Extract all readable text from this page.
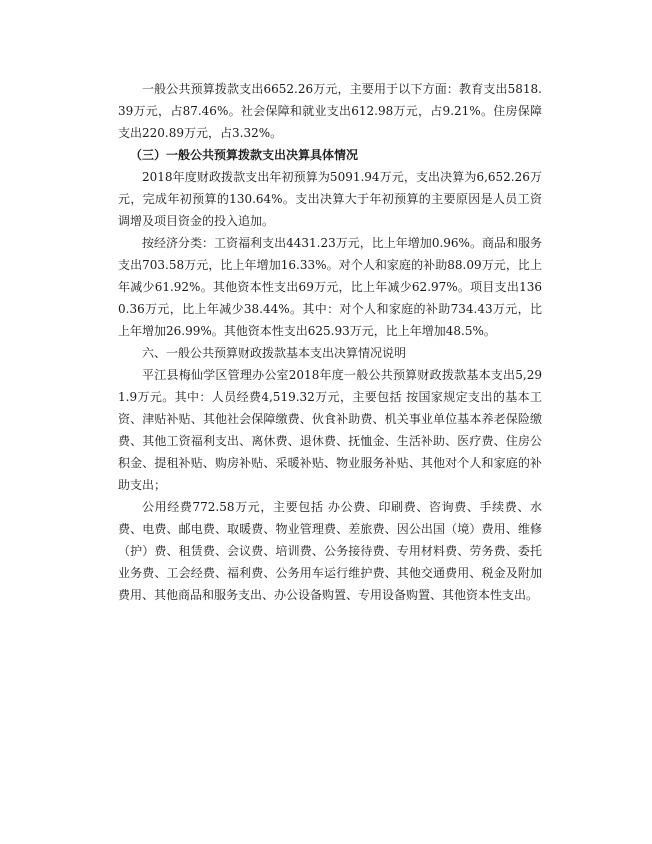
一般公共预算拨款支出6652.26万元，主要用于以下方面：教育支出5818.39万元，占87.46%。社会保障和就业支出612.98万元，占9.21%。住房保障支出220.89万元，占3.32%。

（三）一般公共预算拨款支出决算具体情况

2018年度财政拨款支出年初预算为5091.94万元，支出决算为6,652.26万元，完成年初预算的130.64%。支出决算大于年初预算的主要原因是人员工资调增及项目资金的投入追加。

按经济分类：工资福利支出4431.23万元，比上年增加0.96%。商品和服务支出703.58万元，比上年增加16.33%。对个人和家庭的补助88.09万元，比上年减少61.92%。其他资本性支出69万元，比上年减少62.97%。项目支出1360.36万元，比上年减少38.44%。其中：对个人和家庭的补助734.43万元，比上年增加26.99%。其他资本性支出625.93万元，比上年增加48.5%。

六、一般公共预算财政拨款基本支出决算情况说明

平江县梅仙学区管理办公室2018年度一般公共预算财政拨款基本支出5,291.9万元。其中：人员经费4,519.32万元，主要包括 按国家规定支出的基本工资、津贴补贴、其他社会保障缴费、伙食补助费、机关事业单位基本养老保险缴费、其他工资福利支出、离休费、退休费、抚恤金、生活补助、医疗费、住房公积金、提租补贴、购房补贴、采暖补贴、物业服务补贴、其他对个人和家庭的补助支出；

公用经费772.58万元，主要包括 办公费、印刷费、咨询费、手续费、水费、电费、邮电费、取暖费、物业管理费、差旅费、因公出国（境）费用、维修（护）费、租赁费、会议费、培训费、公务接待费、专用材料费、劳务费、委托业务费、工会经费、福利费、公务用车运行维护费、其他交通费用、税金及附加费用、其他商品和服务支出、办公设备购置、专用设备购置、其他资本性支出。
